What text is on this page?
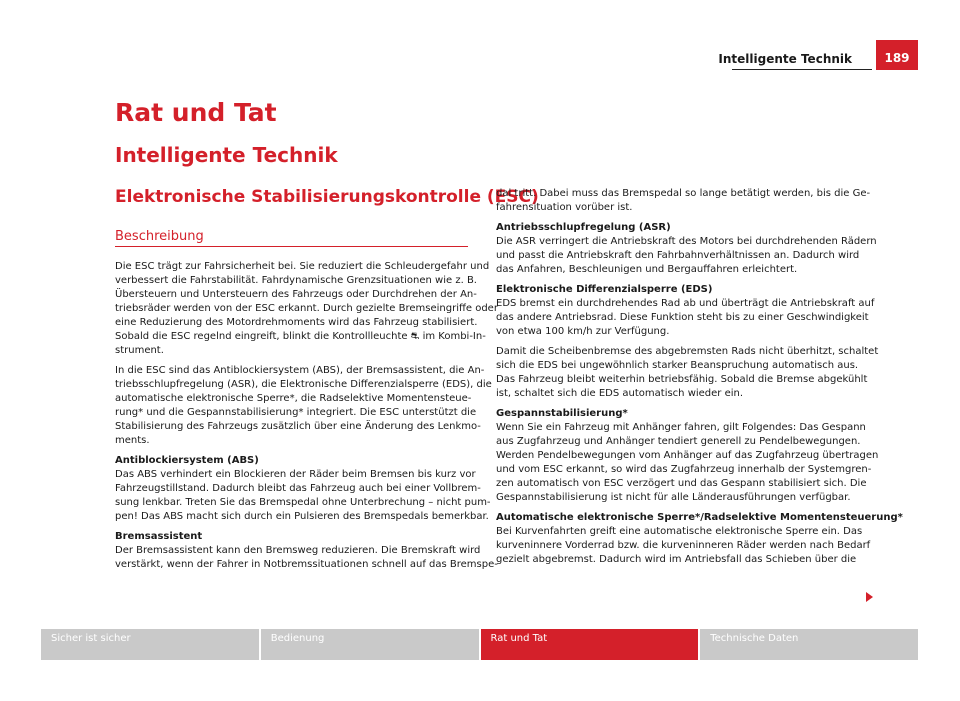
Intelligente Technik	189
Rat und Tat
Intelligente Technik
Elektronische Stabilisierungskontrolle (ESC)
Beschreibung
Die ESC trägt zur Fahrsicherheit bei. Sie reduziert die Schleudergefahr und
verbessert die Fahrstabilität. Fahrdynamische Grenzsituationen wie z. B.
Übersteuern und Untersteuern des Fahrzeugs oder Durchdrehen der An-
triebsräder werden von der ESC erkannt. Durch gezielte Bremseingriffe oder
eine Reduzierung des Motordrehmoments wird das Fahrzeug stabilisiert.
Sobald die ESC regelnd eingreift, blinkt die Kontrollleuchte ⛐ im Kombi-In-
strument.
In die ESC sind das Antiblockiersystem (ABS), der Bremsassistent, die An-
triebsschlupfregelung (ASR), die Elektronische Differenzialsperre (EDS), die
automatische elektronische Sperre*, die Radselektive Momentensteue-
rung* und die Gespannstabilisierung* integriert. Die ESC unterstützt die
Stabilisierung des Fahrzeugs zusätzlich über eine Änderung des Lenkmo-
ments.
Antiblockiersystem (ABS)
Das ABS verhindert ein Blockieren der Räder beim Bremsen bis kurz vor
Fahrzeugstillstand. Dadurch bleibt das Fahrzeug auch bei einer Vollbrem-
sung lenkbar. Treten Sie das Bremspedal ohne Unterbrechung – nicht pum-
pen! Das ABS macht sich durch ein Pulsieren des Bremspedals bemerkbar.
Bremsassistent
Der Bremsassistent kann den Bremsweg reduzieren. Die Bremskraft wird
verstärkt, wenn der Fahrer in Notbremssituationen schnell auf das Bremspe-
dal tritt. Dabei muss das Bremspedal so lange betätigt werden, bis die Ge-
fahrensituation vorüber ist.
Antriebsschlupfregelung (ASR)
Die ASR verringert die Antriebskraft des Motors bei durchdrehenden Rädern
und passt die Antriebskraft den Fahrbahnverhältnissen an. Dadurch wird
das Anfahren, Beschleunigen und Bergauffahren erleichtert.
Elektronische Differenzialsperre (EDS)
EDS bremst ein durchdrehendes Rad ab und überträgt die Antriebskraft auf
das andere Antriebsrad. Diese Funktion steht bis zu einer Geschwindigkeit
von etwa 100 km/h zur Verfügung.
Damit die Scheibenbremse des abgebremsten Rads nicht überhitzt, schaltet
sich die EDS bei ungewöhnlich starker Beanspruchung automatisch aus.
Das Fahrzeug bleibt weiterhin betriebsfähig. Sobald die Bremse abgekühlt
ist, schaltet sich die EDS automatisch wieder ein.
Gespannstabilisierung*
Wenn Sie ein Fahrzeug mit Anhänger fahren, gilt Folgendes: Das Gespann
aus Zugfahrzeug und Anhänger tendiert generell zu Pendelbewegungen.
Werden Pendelbewegungen vom Anhänger auf das Zugfahrzeug übertragen
und vom ESC erkannt, so wird das Zugfahrzeug innerhalb der Systemgren-
zen automatisch von ESC verzögert und das Gespann stabilisiert sich. Die
Gespannstabilisierung ist nicht für alle Länderausführungen verfügbar.
Automatische elektronische Sperre*/Radselektive Momentensteuerung*
Bei Kurvenfahrten greift eine automatische elektronische Sperre ein. Das
kurveninnere Vorderrad bzw. die kurveninneren Räder werden nach Bedarf
gezielt abgebremst. Dadurch wird im Antriebsfall das Schieben über die
Sicher ist sicher	Bedienung	Rat und Tat	Technische Daten
